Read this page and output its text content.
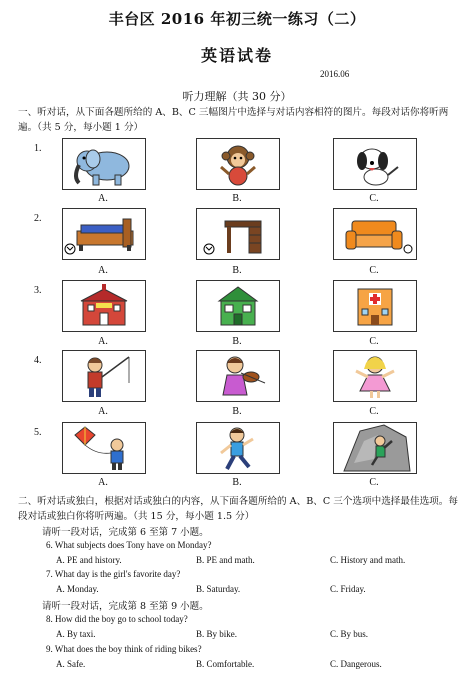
丰台区 2016 年初三统一练习（二）
英语试卷
2016.06
听力理解（共 30 分）
一、听对话，从下面各题所给的 A、B、C 三幅图片中选择与对话内容相符的图片。每段对话你将听两遍。（共 5 分，每小题 1 分）
1.
A.	B.	C.
2.
A.	B.	C.
3.
A.	B.	C.
4.
A.	B.	C.
5.
A.	B.	C.
二、听对话或独白，根据对话或独白的内容，从下面各题所给的 A、B、C 三个选项中选择最佳选项。每段对话或独白你将听两遍。（共 15 分，每小题 1.5 分）
请听一段对话，完成第 6 至第 7 小题。
6. What subjects does Tony have on Monday?
A. PE and history.	B. PE and math.	C. History and math.
7. What day is the girl's favorite day?
A. Monday.	B. Saturday.	C. Friday.
请听一段对话，完成第 8 至第 9 小题。
8. How did the boy go to school today?
A. By taxi.	B. By bike.	C. By bus.
9. What does the boy think of riding bikes?
A. Safe.	B. Comfortable.	C. Dangerous.
